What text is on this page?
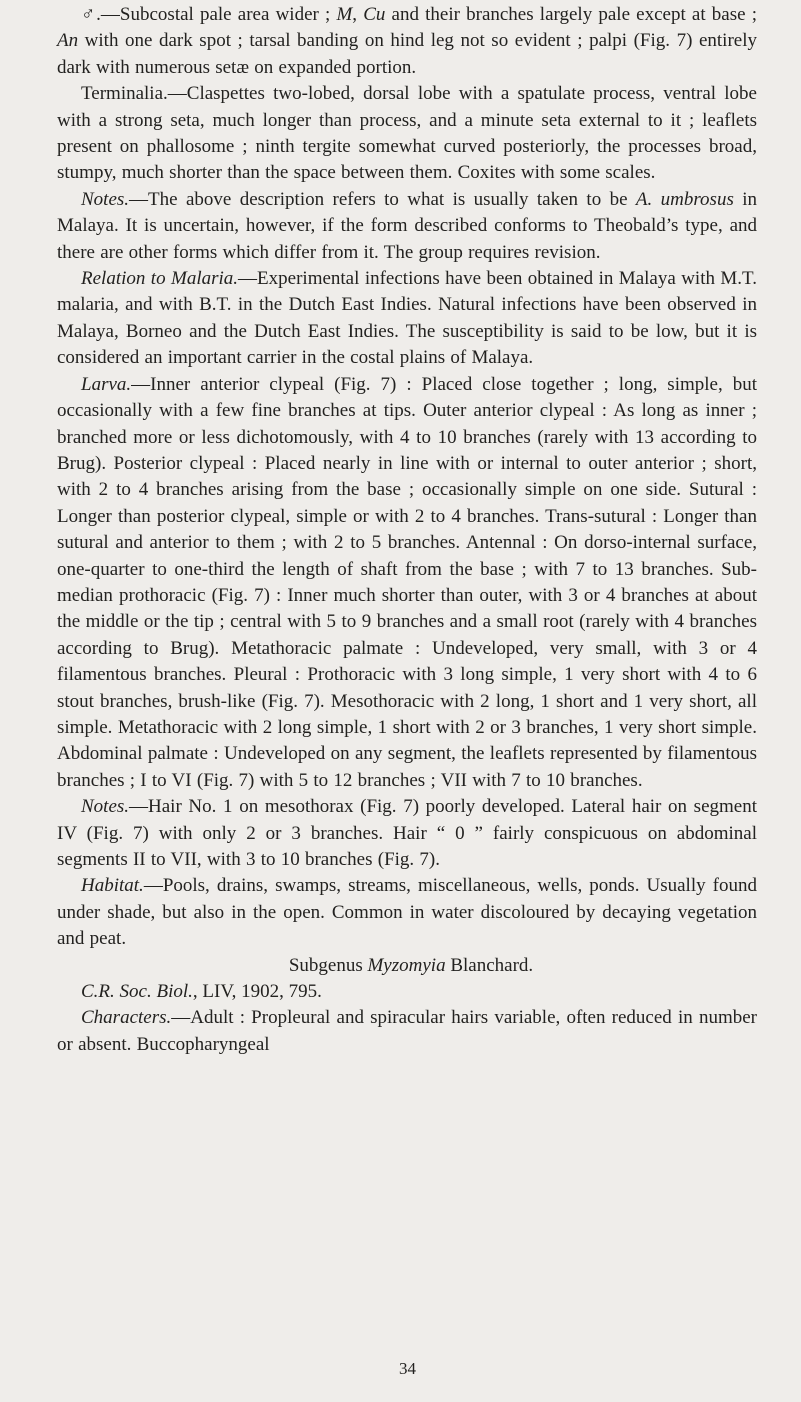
♂.—Subcostal pale area wider ; M, Cu and their branches largely pale except at base ; An with one dark spot ; tarsal banding on hind leg not so evident ; palpi (Fig. 7) entirely dark with numerous setæ on expanded portion.

Terminalia.—Claspettes two-lobed, dorsal lobe with a spatulate process, ventral lobe with a strong seta, much longer than process, and a minute seta external to it ; leaflets present on phallosome ; ninth tergite somewhat curved posteriorly, the processes broad, stumpy, much shorter than the space between them. Coxites with some scales.

Notes.—The above description refers to what is usually taken to be A. umbrosus in Malaya. It is uncertain, however, if the form described conforms to Theobald’s type, and there are other forms which differ from it. The group requires revision.

Relation to Malaria.—Experimental infections have been obtained in Malaya with M.T. malaria, and with B.T. in the Dutch East Indies. Natural infections have been observed in Malaya, Borneo and the Dutch East Indies. The susceptibility is said to be low, but it is considered an important carrier in the costal plains of Malaya.

Larva.—Inner anterior clypeal (Fig. 7) : Placed close together ; long, simple, but occasionally with a few fine branches at tips. Outer anterior clypeal : As long as inner ; branched more or less dichotomously, with 4 to 10 branches (rarely with 13 according to Brug). Posterior clypeal : Placed nearly in line with or internal to outer anterior ; short, with 2 to 4 branches arising from the base ; occasionally simple on one side. Sutural : Longer than posterior clypeal, simple or with 2 to 4 branches. Trans-sutural : Longer than sutural and anterior to them ; with 2 to 5 branches. Antennal : On dorso-internal surface, one-quarter to one-third the length of shaft from the base ; with 7 to 13 branches. Sub-median prothoracic (Fig. 7) : Inner much shorter than outer, with 3 or 4 branches at about the middle or the tip ; central with 5 to 9 branches and a small root (rarely with 4 branches according to Brug). Metathoracic palmate : Undeveloped, very small, with 3 or 4 filamentous branches. Pleural : Prothoracic with 3 long simple, 1 very short with 4 to 6 stout branches, brush-like (Fig. 7). Mesothoracic with 2 long, 1 short and 1 very short, all simple. Metathoracic with 2 long simple, 1 short with 2 or 3 branches, 1 very short simple. Abdominal palmate : Undeveloped on any segment, the leaflets represented by filamentous branches ; I to VI (Fig. 7) with 5 to 12 branches ; VII with 7 to 10 branches.

Notes.—Hair No. 1 on mesothorax (Fig. 7) poorly developed. Lateral hair on segment IV (Fig. 7) with only 2 or 3 branches. Hair “ 0 ” fairly conspicuous on abdominal segments II to VII, with 3 to 10 branches (Fig. 7).

Habitat.—Pools, drains, swamps, streams, miscellaneous, wells, ponds. Usually found under shade, but also in the open. Common in water discoloured by decaying vegetation and peat.

Subgenus Myzomyia Blanchard.

C.R. Soc. Biol., LIV, 1902, 795.

Characters.—Adult : Propleural and spiracular hairs variable, often reduced in number or absent. Buccopharyngeal

34
